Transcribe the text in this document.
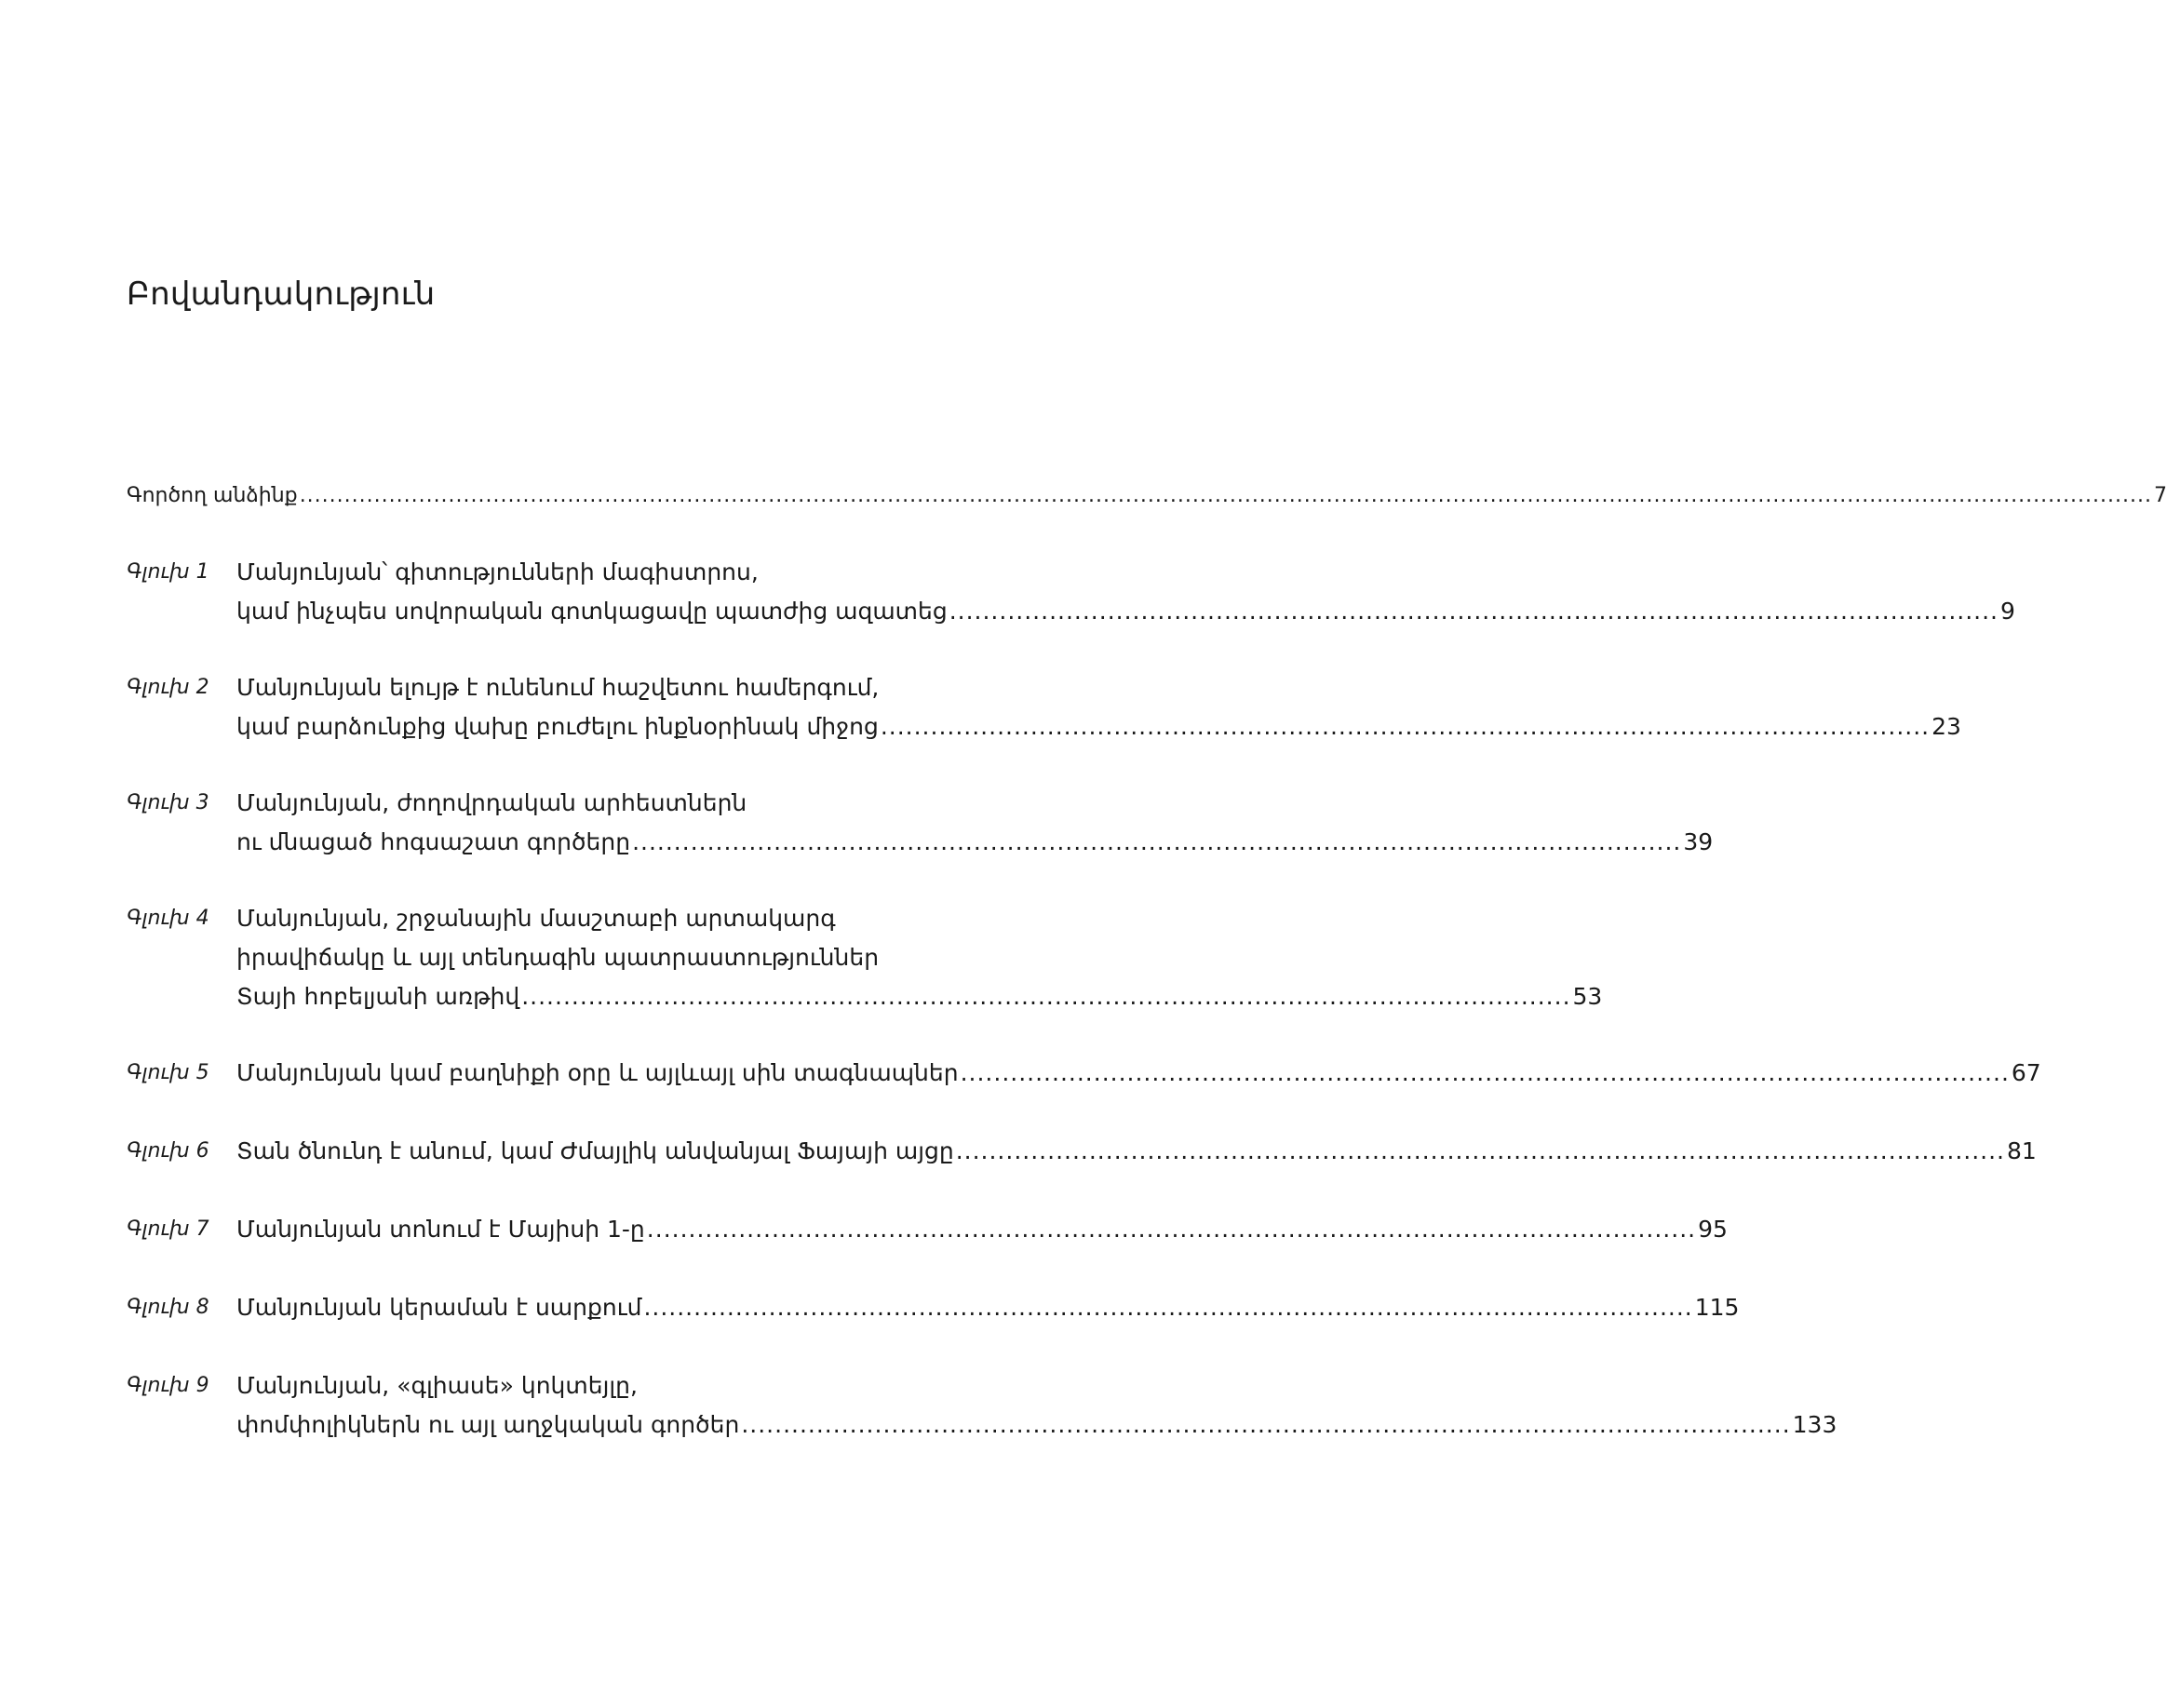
Բովանդակություն
Գործող անձինք ......................................................................................................................................................................................................................................................... 7
Գլուխ 1	Մանյունյան՝ գիտությունների մագիստրոս,
կամ ինչպես սովորական գոտկացավը պատժից ազատեց .............................................................................................................................. 9
Գլուխ 2	Մանյունյան ելույթ է ունենում հաշվետու համերգում,
կամ բարձունքից վախը բուժելու ինքնօրինակ միջոց .............................................................................................................................. 23
Գլուխ 3	Մանյունյան, ժողովրդական արհեստներն
ու մնացած հոգսաշատ գործերը .............................................................................................................................. 39
Գլուխ 4	Մանյունյան, շրջանային մասշտաբի արտակարգ
իրավիճակը և այլ տենդագին պատրաստություններ
Տայի հոբելյանի առթիվ .............................................................................................................................. 53
Գլուխ 5	Մանյունյան կամ բաղնիքի օրը և այլևայլ սին տագնապներ .............................................................................................................................. 67
Գլուխ 6	Տան ծնունդ է անում, կամ Ժմայլիկ անվանյալ Ֆայայի այցը .............................................................................................................................. 81
Գլուխ 7	Մանյունյան տոնում է Մայիսի 1-ը .............................................................................................................................. 95
Գլուխ 8	Մանյունյան կերաման է սարքում .............................................................................................................................. 115
Գլուխ 9	Մանյունյան, «գլիասե» կոկտեյլը,
փոմփոլիկներն ու այլ աղջկական գործեր .............................................................................................................................. 133
